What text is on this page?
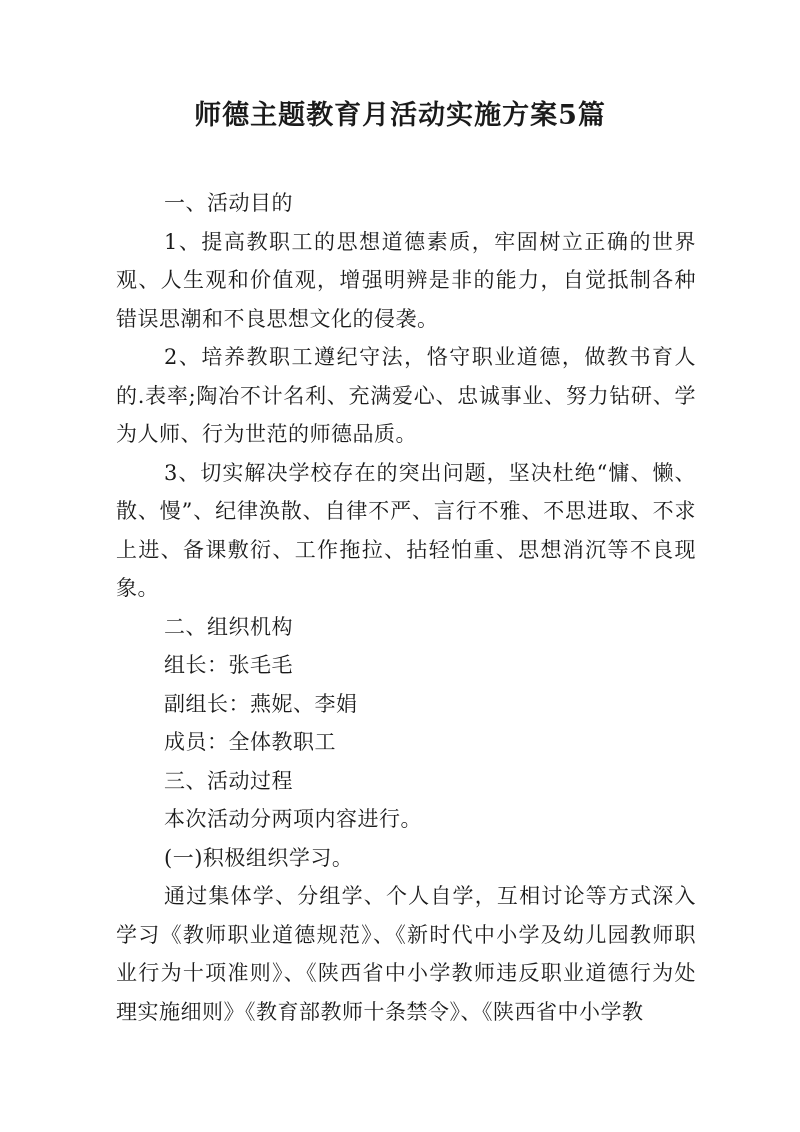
师德主题教育月活动实施方案5篇

一、活动目的

1、提高教职工的思想道德素质，牢固树立正确的世界观、人生观和价值观，增强明辨是非的能力，自觉抵制各种错误思潮和不良思想文化的侵袭。

2、培养教职工遵纪守法，恪守职业道德，做教书育人的.表率;陶冶不计名利、充满爱心、忠诚事业、努力钻研、学为人师、行为世范的师德品质。

3、切实解决学校存在的突出问题，坚决杜绝“慵、懒、散、慢”、纪律涣散、自律不严、言行不雅、不思进取、不求上进、备课敷衍、工作拖拉、拈轻怕重、思想消沉等不良现象。

二、组织机构

组长：张毛毛

副组长：燕妮、李娟

成员：全体教职工

三、活动过程

本次活动分两项内容进行。

(一)积极组织学习。

通过集体学、分组学、个人自学，互相讨论等方式深入学习《教师职业道德规范》、《新时代中小学及幼儿园教师职业行为十项准则》、《陕西省中小学教师违反职业道德行为处理实施细则》《教育部教师十条禁令》、《陕西省中小学教
